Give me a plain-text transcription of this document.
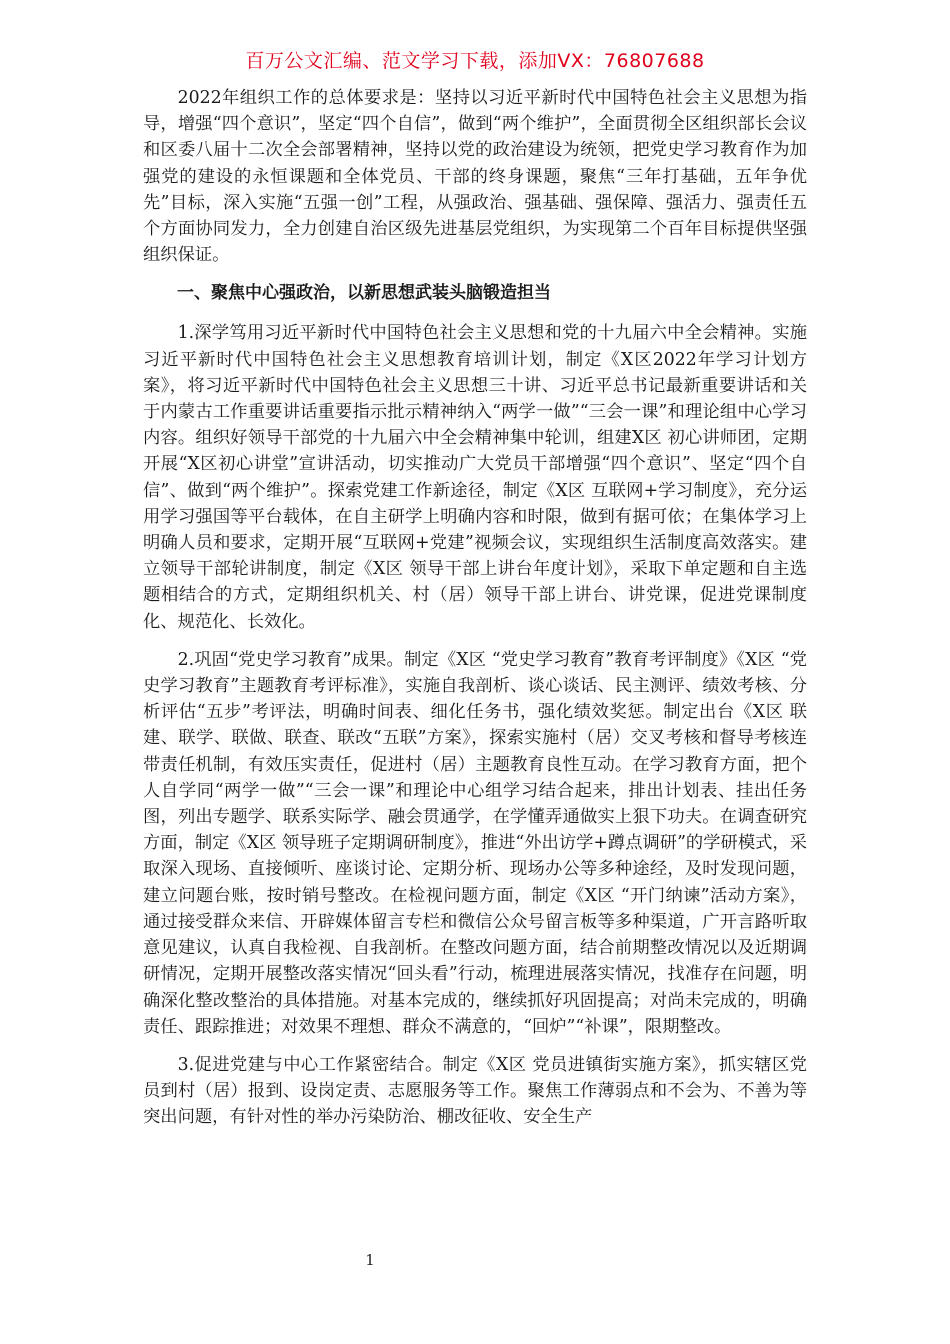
百万公文汇编、范文学习下载，添加VX：76807688

2022年组织工作的总体要求是：坚持以习近平新时代中国特色社会主义思想为指导，增强“四个意识”，坚定“四个自信”，做到“两个维护”，全面贯彻全区组织部长会议和区委八届十二次全会部署精神，坚持以党的政治建设为统领，把党史学习教育作为加强党的建设的永恒课题和全体党员、干部的终身课题，聚焦“三年打基础，五年争优先”目标，深入实施“五强一创”工程，从强政治、强基础、强保障、强活力、强责任五个方面协同发力，全力创建自治区级先进基层党组织，为实现第二个百年目标提供坚强组织保证。

一、聚焦中心强政治，以新思想武装头脑锻造担当

1.深学笃用习近平新时代中国特色社会主义思想和党的十九届六中全会精神。实施习近平新时代中国特色社会主义思想教育培训计划，制定《X区2022年学习计划方案》，将习近平新时代中国特色社会主义思想三十讲、习近平总书记最新重要讲话和关于内蒙古工作重要讲话重要指示批示精神纳入“两学一做”“三会一课”和理论组中心学习内容。组织好领导干部党的十九届六中全会精神集中轮训，组建X区 初心讲师团，定期开展“X区初心讲堂”宣讲活动，切实推动广大党员干部增强“四个意识”、坚定“四个自信”、做到“两个维护”。探索党建工作新途径，制定《X区 互联网+学习制度》，充分运用学习强国等平台载体，在自主研学上明确内容和时限，做到有据可依；在集体学习上明确人员和要求，定期开展“互联网+党建”视频会议，实现组织生活制度高效落实。建立领导干部轮讲制度，制定《X区 领导干部上讲台年度计划》，采取下单定题和自主选题相结合的方式，定期组织机关、村（居）领导干部上讲台、讲党课，促进党课制度化、规范化、长效化。

2.巩固“党史学习教育”成果。制定《X区 “党史学习教育”教育考评制度》《X区 “党史学习教育”主题教育考评标准》，实施自我剖析、谈心谈话、民主测评、绩效考核、分析评估“五步”考评法，明确时间表、细化任务书，强化绩效奖惩。制定出台《X区 联建、联学、联做、联查、联改“五联”方案》，探索实施村（居）交叉考核和督导考核连带责任机制，有效压实责任，促进村（居）主题教育良性互动。在学习教育方面，把个人自学同“两学一做”“三会一课”和理论中心组学习结合起来，排出计划表、挂出任务图，列出专题学、联系实际学、融会贯通学，在学懂弄通做实上狠下功夫。在调查研究方面，制定《X区 领导班子定期调研制度》，推进“外出访学+蹲点调研”的学研模式，采取深入现场、直接倾听、座谈讨论、定期分析、现场办公等多种途经，及时发现问题，建立问题台账，按时销号整改。在检视问题方面，制定《X区 “开门纳谏”活动方案》，通过接受群众来信、开辟媒体留言专栏和微信公众号留言板等多种渠道，广开言路听取意见建议，认真自我检视、自我剖析。在整改问题方面，结合前期整改情况以及近期调研情况，定期开展整改落实情况“回头看”行动，梳理进展落实情况，找准存在问题，明确深化整改整治的具体措施。对基本完成的，继续抓好巩固提高；对尚未完成的，明确责任、跟踪推进；对效果不理想、群众不满意的，“回炉”“补课”，限期整改。

3.促进党建与中心工作紧密结合。制定《X区 党员进镇街实施方案》，抓实辖区党员到村（居）报到、设岗定责、志愿服务等工作。聚焦工作薄弱点和不会为、不善为等突出问题，有针对性的举办污染防治、棚改征收、安全生产

1
